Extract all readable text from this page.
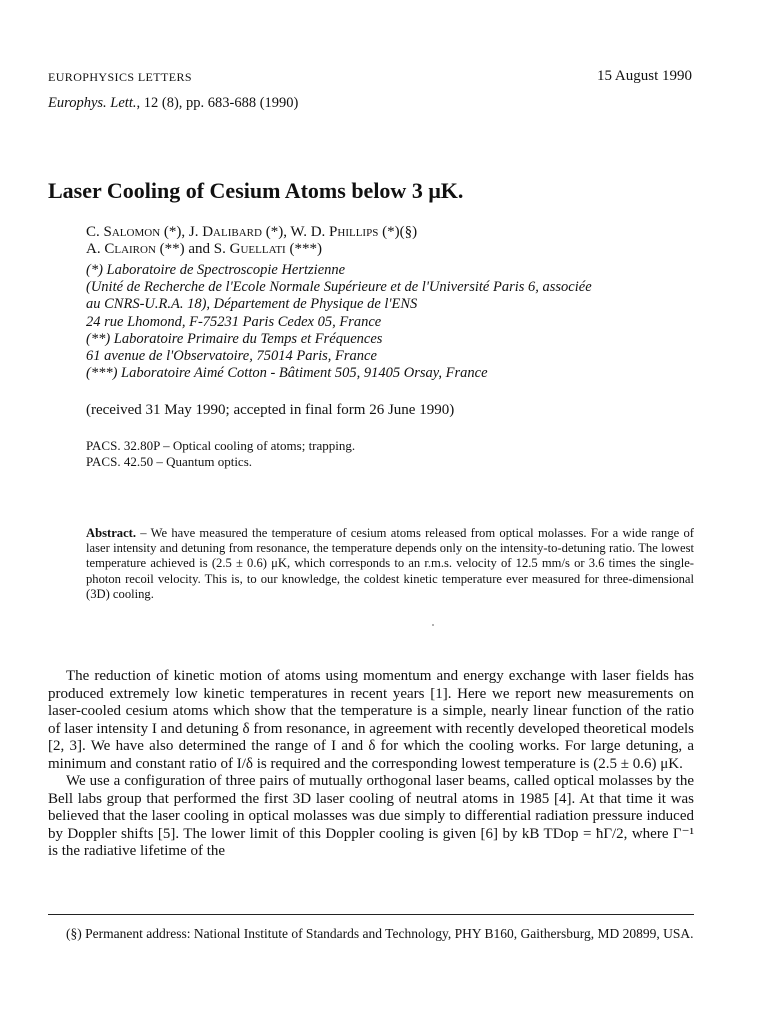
EUROPHYSICS LETTERS	15 August 1990
Europhys. Lett., 12 (8), pp. 683-688 (1990)
Laser Cooling of Cesium Atoms below 3 μK.
C. Salomon (*), J. Dalibard (*), W. D. Phillips (*)(§)
A. Clairon (**) and S. Guellati (***)
(*) Laboratoire de Spectroscopie Hertzienne
(Unité de Recherche de l'Ecole Normale Supérieure et de l'Université Paris 6, associée
au CNRS-U.R.A. 18), Département de Physique de l'ENS
24 rue Lhomond, F-75231 Paris Cedex 05, France
(**) Laboratoire Primaire du Temps et Fréquences
61 avenue de l'Observatoire, 75014 Paris, France
(***) Laboratoire Aimé Cotton - Bâtiment 505, 91405 Orsay, France
(received 31 May 1990; accepted in final form 26 June 1990)
PACS. 32.80P – Optical cooling of atoms; trapping.
PACS. 42.50 – Quantum optics.
Abstract. – We have measured the temperature of cesium atoms released from optical molasses. For a wide range of laser intensity and detuning from resonance, the temperature depends only on the intensity-to-detuning ratio. The lowest temperature achieved is (2.5 ± 0.6) μK, which corresponds to an r.m.s. velocity of 12.5 mm/s or 3.6 times the single-photon recoil velocity. This is, to our knowledge, the coldest kinetic temperature ever measured for three-dimensional (3D) cooling.

The reduction of kinetic motion of atoms using momentum and energy exchange with laser fields has produced extremely low kinetic temperatures in recent years [1]. Here we report new measurements on laser-cooled cesium atoms which show that the temperature is a simple, nearly linear function of the ratio of laser intensity I and detuning δ from resonance, in agreement with recently developed theoretical models [2, 3]. We have also determined the range of I and δ for which the cooling works. For large detuning, a minimum and constant ratio of I/δ is required and the corresponding lowest temperature is (2.5 ± 0.6) μK.

We use a configuration of three pairs of mutually orthogonal laser beams, called optical molasses by the Bell labs group that performed the first 3D laser cooling of neutral atoms in 1985 [4]. At that time it was believed that the laser cooling in optical molasses was due simply to differential radiation pressure induced by Doppler shifts [5]. The lower limit of this Doppler cooling is given [6] by kB TDop = ħΓ/2, where Γ⁻¹ is the radiative lifetime of the

(§) Permanent address: National Institute of Standards and Technology, PHY B160, Gaithersburg, MD 20899, USA.
